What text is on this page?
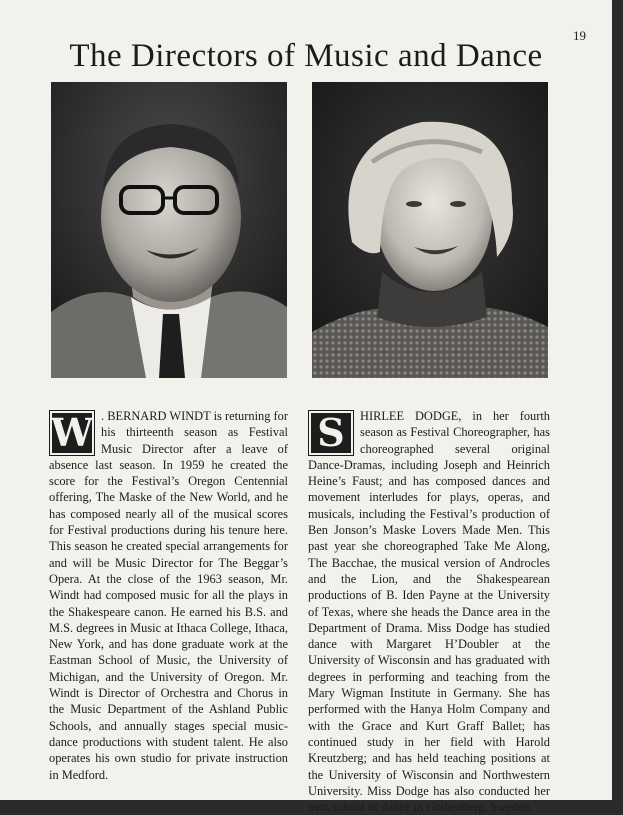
19
The Directors of Music and Dance
W . BERNARD WINDT is returning for his thirteenth season as Festival Music Director after a leave of absence last season. In 1959 he created the score for the Festival’s Oregon Centennial offering, The Maske of the New World, and he has composed nearly all of the musical scores for Festival productions during his tenure here. This season he created special arrangements for and will be Music Director for The Beggar’s Opera. At the close of the 1963 season, Mr. Windt had composed music for all the plays in the Shakespeare canon. He earned his B.S. and M.S. degrees in Music at Ithaca College, Ithaca, New York, and has done graduate work at the Eastman School of Music, the University of Michigan, and the University of Oregon. Mr. Windt is Director of Orchestra and Chorus in the Music Department of the Ashland Public Schools, and annually stages special music-dance productions with student talent. He also operates his own studio for private instruction in Medford.

S	HIRLEE DODGE, in her fourth season as Festival Choreographer, has choreographed several original Dance-Dramas, including Joseph and Heinrich Heine’s Faust; and has composed dances and movement interludes for plays, operas, and musicals, including the Festival’s production of Ben Jonson’s Maske Lovers Made Men. This past year she choreographed Take Me Along, The Bacchae, the musical version of Androcles and the Lion, and the Shakespearean productions of B. Iden Payne at the University of Texas, where she heads the Dance area in the Department of Drama. Miss Dodge has studied dance with Margaret H’Doubler at the University of Wisconsin and has graduated with degrees in performing and teaching from the Mary Wigman Institute in Germany. She has performed with the Hanya Holm Company and with the Grace and Kurt Graff Ballet; has continued study in her field with Harold Kreutzberg; and has held teaching positions at the University of Wisconsin and Northwestern University. Miss Dodge has also conducted her own school of dance in Gothenberg, Sweden.
